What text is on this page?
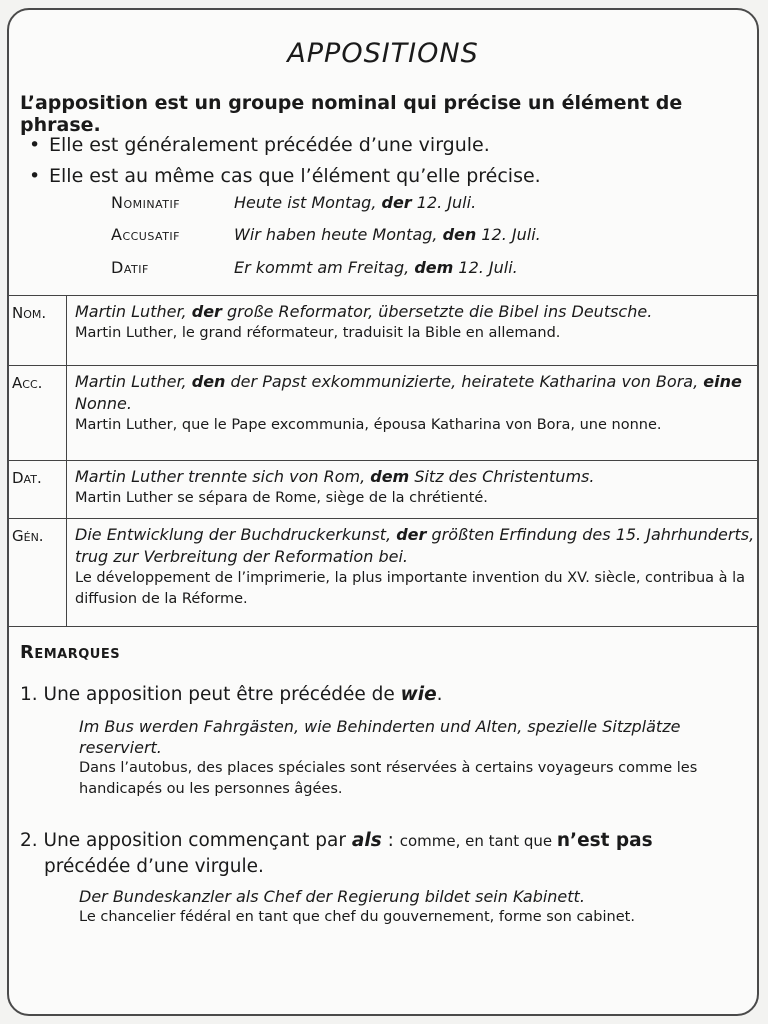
APPOSITIONS
L’apposition est un groupe nominal qui précise un élément de phrase.
• Elle est généralement précédée d’une virgule.
• Elle est au même cas que l’élément qu’elle précise.
Nominatif	Heute ist Montag, der 12. Juli.
Accusatif	Wir haben heute Montag, den 12. Juli.
Datif	Er kommt am Freitag, dem 12. Juli.
Nom.	Martin Luther, der große Reformator, übersetzte die Bibel ins Deutsche.
Martin Luther, le grand réformateur, traduisit la Bible en allemand.

Acc.	Martin Luther, den der Papst exkommunizierte, heiratete Katharina von Bora, eine Nonne.
Martin Luther, que le Pape excommunia, épousa Katharina von Bora, une nonne.

Dat.	Martin Luther trennte sich von Rom, dem Sitz des Christentums.
Martin Luther se sépara de Rome, siège de la chrétienté.

Gén.	Die Entwicklung der Buchdruckerkunst, der größten Erfindung des 15. Jahrhunderts, trug zur Verbreitung der Reformation bei.
Le développement de l’imprimerie, la plus importante invention du XV. siècle, contribua à la diffusion de la Réforme.
Remarques
1. Une apposition peut être précédée de wie.
Im Bus werden Fahrgästen, wie Behinderten und Alten, spezielle Sitzplätze reserviert.
Dans l’autobus, des places spéciales sont réservées à certains voyageurs comme les handicapés ou les personnes âgées.
2. Une apposition commençant par als : comme, en tant que n’est pas
précédée d’une virgule.
Der Bundeskanzler als Chef der Regierung bildet sein Kabinett.
Le chancelier fédéral en tant que chef du gouvernement, forme son cabinet.
